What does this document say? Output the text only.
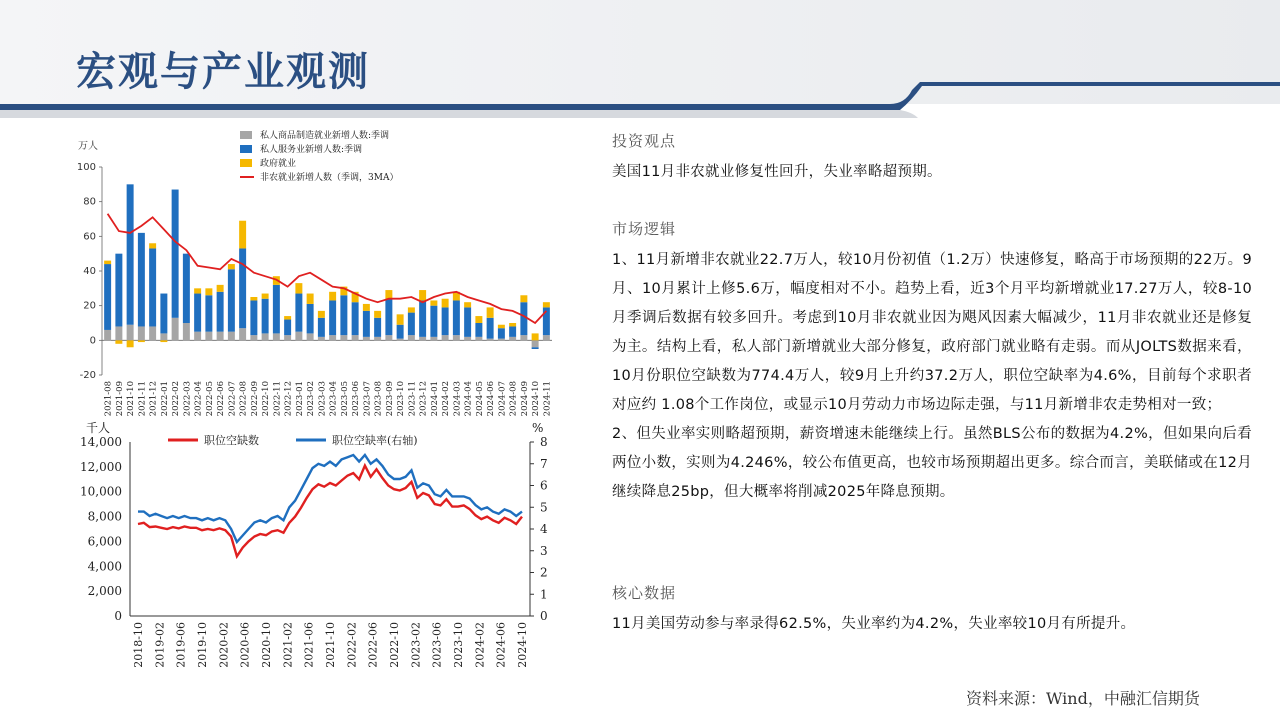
宏观与产业观测
万人
-20
0
20
40
60
80
100
私人商品制造就业新增人数:季调
私人服务业新增人数:季调
政府就业
非农就业新增人数（季调，3MA）
2021-08 2021-09 2021-10 2021-11 2021-12 2022-01 2022-02 2022-03 2022-04 2022-05 2022-06 2022-07 2022-08 2022-09 2022-10 2022-11 2022-12 2023-01 2023-02 2023-03 2023-04 2023-05 2023-06 2023-07 2023-08 2023-09 2023-10 2023-11 2023-12 2024-01 2024-02 2024-03 2024-04 2024-05 2024-06 2024-07 2024-08 2024-09 2024-10 2024-11
千人	%
0
2,000
4,000
6,000
8,000
10,000
12,000
14,000
0
1
2
3
4
5
6
7
8
职位空缺数	职位空缺率(右轴)
2018-10 2019-02 2019-06 2019-10 2020-02 2020-06 2020-10 2021-02 2021-06 2021-10 2022-02 2022-06 2022-10 2023-02 2023-06 2023-10 2024-02 2024-06 2024-10

投资观点

美国11月非农就业修复性回升，失业率略超预期。

市场逻辑

1、11月新增非农就业22.7万人，较10月份初值（1.2万）快速修复，略高于市场预期的22万。9月、10月累计上修5.6万，幅度相对不小。趋势上看，近3个月平均新增就业17.27万人，较8-10月季调后数据有较多回升。考虑到10月非农就业因为飓风因素大幅减少，11月非农就业还是修复为主。结构上看，私人部门新增就业大部分修复，政府部门就业略有走弱。而从JOLTS数据来看，10月份职位空缺数为774.4万人，较9月上升约37.2万人，职位空缺率为4.6%，目前每个求职者对应约 1.08个工作岗位，或显示10月劳动力市场边际走强，与11月新增非农走势相对一致；

2、但失业率实则略超预期，薪资增速未能继续上行。虽然BLS公布的数据为4.2%，但如果向后看两位小数，实则为4.246%，较公布值更高，也较市场预期超出更多。综合而言，美联储或在12月继续降息25bp，但大概率将削减2025年降息预期。

核心数据

11月美国劳动参与率录得62.5%，失业率约为4.2%，失业率较10月有所提升。

资料来源：Wind，中融汇信期货
